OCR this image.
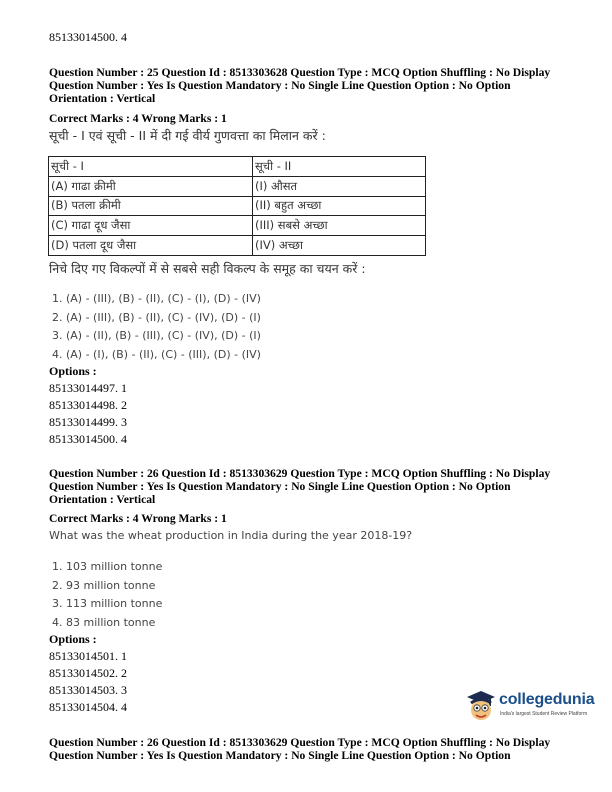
85133014500. 4
Question Number : 25 Question Id : 8513303628 Question Type : MCQ Option Shuffling : No Display
Question Number : Yes Is Question Mandatory : No Single Line Question Option : No Option
Orientation : Vertical
Correct Marks : 4 Wrong Marks : 1
सूची - I एवं सूची - II में दी गई वीर्य गुणवत्ता का मिलान करें :
सूची - I	सूची - II
(A) गाढा क्रीमी	(I) औसत
(B) पतला क्रीमी	(II) बहुत अच्छा
(C) गाढा दूध जैसा	(III) सबसे अच्छा
(D) पतला दूध जैसा	(IV) अच्छा
निचे दिए गए विकल्पों में से सबसे सही विकल्प के समूह का चयन करें :
1. (A) - (III), (B) - (II), (C) - (I), (D) - (IV)
2. (A) - (III), (B) - (II), (C) - (IV), (D) - (I)
3. (A) - (II), (B) - (III), (C) - (IV), (D) - (I)
4. (A) - (I), (B) - (II), (C) - (III), (D) - (IV)
Options :
85133014497. 1
85133014498. 2
85133014499. 3
85133014500. 4
Question Number : 26 Question Id : 8513303629 Question Type : MCQ Option Shuffling : No Display
Question Number : Yes Is Question Mandatory : No Single Line Question Option : No Option
Orientation : Vertical
Correct Marks : 4 Wrong Marks : 1
What was the wheat production in India during the year 2018-19?
1. 103 million tonne
2. 93 million tonne
3. 113 million tonne
4. 83 million tonne
Options :
85133014501. 1
85133014502. 2
85133014503. 3
85133014504. 4	collegedunia
India's largest Student Review Platform
Question Number : 26 Question Id : 8513303629 Question Type : MCQ Option Shuffling : No Display
Question Number : Yes Is Question Mandatory : No Single Line Question Option : No Option
